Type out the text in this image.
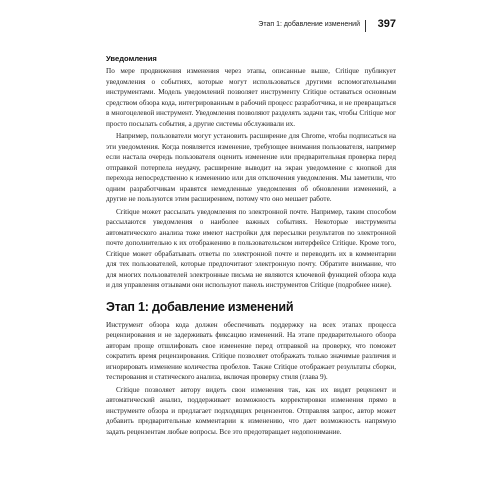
Этап 1: добавление изменений 397
Уведомления

По мере продвижения изменения через этапы, описанные выше, Critique публикует уведомления о событиях, которые могут использоваться другими вспомогательными инструментами. Модель уведомлений позволяет инструменту Critique оставаться основным средством обзора кода, интегрированным в рабочий процесс разработчика, и не превращаться в многоцелевой инструмент. Уведомления позволяют разделять задачи так, чтобы Critique мог просто посылать события, а другие системы обслуживали их.

Например, пользователи могут установить расширение для Chrome, чтобы подписаться на эти уведомления. Когда появляется изменение, требующее внимания пользователя, например если настала очередь пользователя оценить изменение или предварительная проверка перед отправкой потерпела неудачу, расширение выводит на экран уведомление с кнопкой для перехода непосредственно к изменению или для отключения уведомления. Мы заметили, что одним разработчикам нравятся немедленные уведомления об обновлении изменений, а другие не пользуются этим расширением, потому что оно мешает работе.

Critique может рассылать уведомления по электронной почте. Например, таким способом рассылаются уведомления о наиболее важных событиях. Некоторые инструменты автоматического анализа тоже имеют настройки для пересылки результатов по электронной почте дополнительно к их отображению в пользовательском интерфейсе Critique. Кроме того, Critique может обрабатывать ответы по электронной почте и переводить их в комментарии для тех пользователей, которые предпочитают электронную почту. Обратите внимание, что для многих пользователей электронные письма не являются ключевой функцией обзора кода и для управления отзывами они используют панель инструментов Critique (подробнее ниже).

Этап 1: добавление изменений

Инструмент обзора кода должен обеспечивать поддержку на всех этапах процесса рецензирования и не задерживать фиксацию изменений. На этапе предварительного обзора авторам проще отшлифовать свое изменение перед отправкой на проверку, что поможет сократить время рецензирования. Critique позволяет отображать только значимые различия и игнорировать изменение количества пробелов. Также Critique отображает результаты сборки, тестирования и статического анализа, включая проверку стиля (глава 9).

Critique позволяет автору видеть свои изменения так, как их видят рецензент и автоматический анализ, поддерживает возможность корректировки изменения прямо в инструменте обзора и предлагает подходящих рецензентов. Отправляя запрос, автор может добавить предварительные комментарии к изменению, что дает возможность напрямую задать рецензентам любые вопросы. Все это предотвращает недопонимание.
